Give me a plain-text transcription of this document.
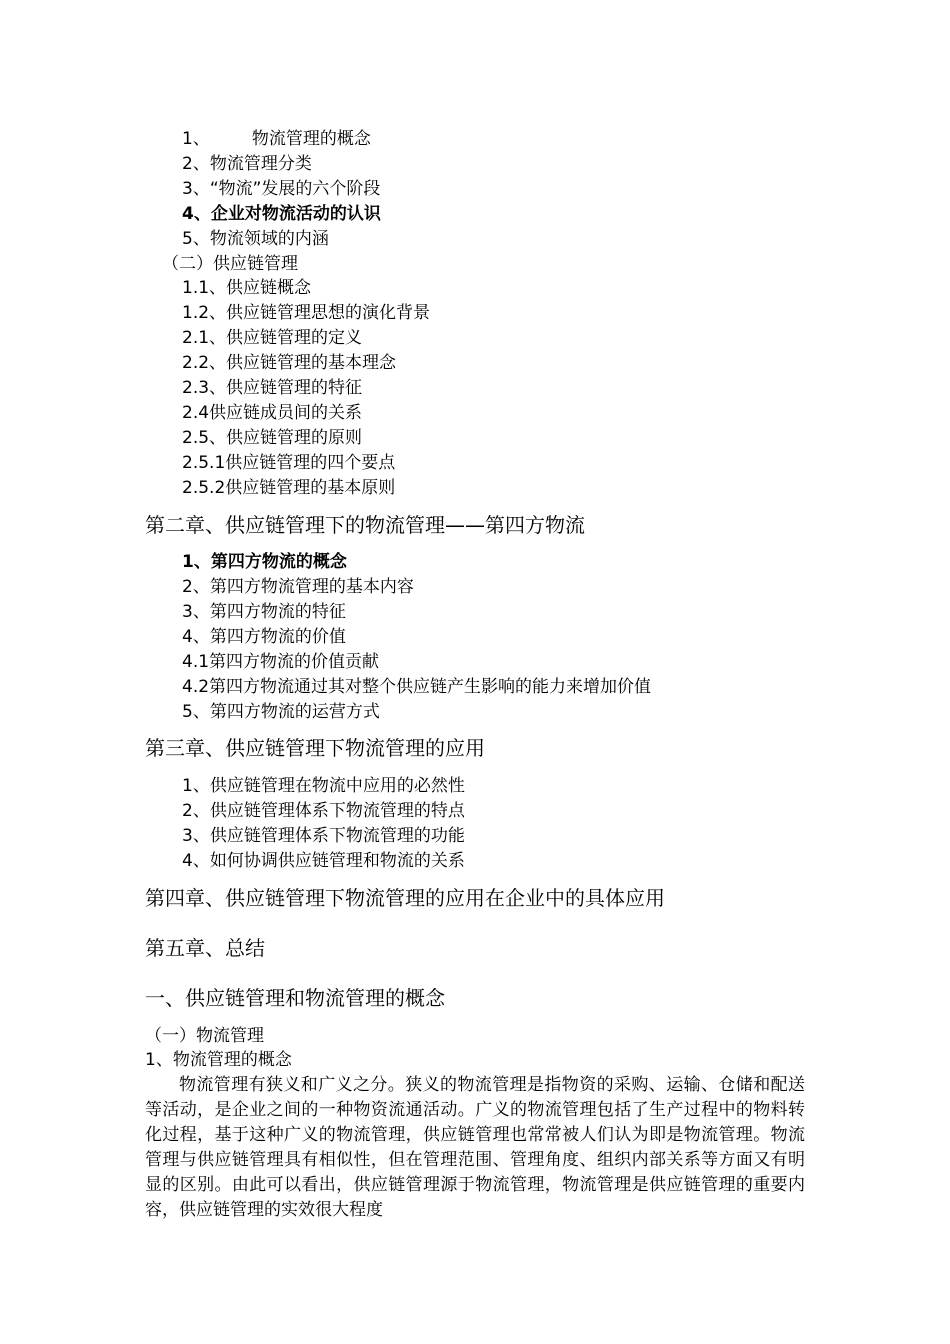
1、 物流管理的概念
2、物流管理分类
3、“物流”发展的六个阶段
4、企业对物流活动的认识
5、物流领域的内涵
（二）供应链管理
1.1、供应链概念
1.2、供应链管理思想的演化背景
2.1、供应链管理的定义
2.2、供应链管理的基本理念
2.3、供应链管理的特征
2.4供应链成员间的关系
2.5、供应链管理的原则
2.5.1供应链管理的四个要点
2.5.2供应链管理的基本原则
第二章、供应链管理下的物流管理——第四方物流
1、第四方物流的概念
2、第四方物流管理的基本内容
3、第四方物流的特征
4、第四方物流的价值
4.1第四方物流的价值贡献
4.2第四方物流通过其对整个供应链产生影响的能力来增加价值
5、第四方物流的运营方式
第三章、供应链管理下物流管理的应用
1、供应链管理在物流中应用的必然性
2、供应链管理体系下物流管理的特点
3、供应链管理体系下物流管理的功能
4、如何协调供应链管理和物流的关系
第四章、供应链管理下物流管理的应用在企业中的具体应用
第五章、总结
一、供应链管理和物流管理的概念
（一）物流管理
1、物流管理的概念

物流管理有狭义和广义之分。狭义的物流管理是指物资的采购、运输、仓储和配送等活动，是企业之间的一种物资流通活动。广义的物流管理包括了生产过程中的物料转化过程，基于这种广义的物流管理，供应链管理也常常被人们认为即是物流管理。物流管理与供应链管理具有相似性，但在管理范围、管理角度、组织内部关系等方面又有明显的区别。由此可以看出，供应链管理源于物流管理，物流管理是供应链管理的重要内容，供应链管理的实效很大程度
